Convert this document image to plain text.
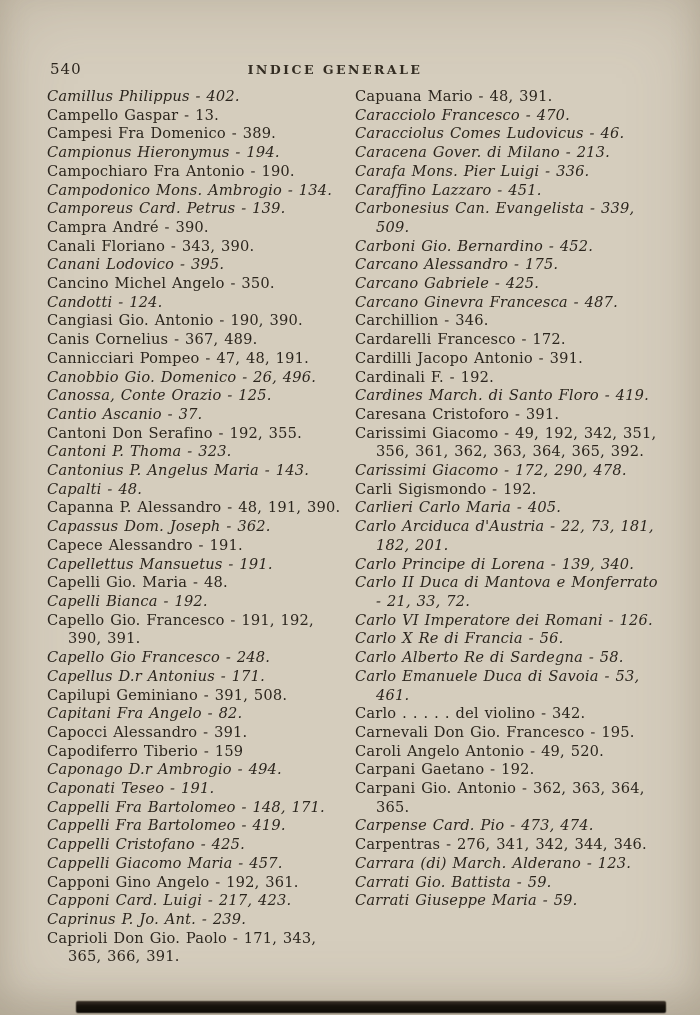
540	INDICE GENERALE
Camillus Philippus - 402.
Campello Gaspar - 13.
Campesi Fra Domenico - 389.
Campionus Hieronymus - 194.
Campochiaro Fra Antonio - 190.
Campodonico Mons. Ambrogio - 134.
Camporeus Card. Petrus - 139.
Campra André - 390.
Canali Floriano - 343, 390.
Canani Lodovico - 395.
Cancino Michel Angelo - 350.
Candotti - 124.
Cangiasi Gio. Antonio - 190, 390.
Canis Cornelius - 367, 489.
Cannicciari Pompeo - 47, 48, 191.
Canobbio Gio. Domenico - 26, 496.
Canossa, Conte Orazio - 125.
Cantio Ascanio - 37.
Cantoni Don Serafino - 192, 355.
Cantoni P. Thoma - 323.
Cantonius P. Angelus Maria - 143.
Capalti - 48.
Capanna P. Alessandro - 48, 191, 390.
Capassus Dom. Joseph - 362.
Capece Alessandro - 191.
Capellettus Mansuetus - 191.
Capelli Gio. Maria - 48.
Capelli Bianca - 192.
Capello Gio. Francesco - 191, 192, 390, 391.
Capello Gio Francesco - 248.
Capellus D.r Antonius - 171.
Capilupi Geminiano - 391, 508.
Capitani Fra Angelo - 82.
Capocci Alessandro - 391.
Capodiferro Tiberio - 159
Caponago D.r Ambrogio - 494.
Caponati Teseo - 191.
Cappelli Fra Bartolomeo - 148, 171.
Cappelli Fra Bartolomeo - 419.
Cappelli Cristofano - 425.
Cappelli Giacomo Maria - 457.
Capponi Gino Angelo - 192, 361.
Capponi Card. Luigi - 217, 423.
Caprinus P. Jo. Ant. - 239.
Caprioli Don Gio. Paolo - 171, 343, 365, 366, 391.
Capuana Mario - 48, 391.
Caracciolo Francesco - 470.
Caracciolus Comes Ludovicus - 46.
Caracena Gover. di Milano - 213.
Carafa Mons. Pier Luigi - 336.
Caraffino Lazzaro - 451.
Carbonesius Can. Evangelista - 339, 509.
Carboni Gio. Bernardino - 452.
Carcano Alessandro - 175.
Carcano Gabriele - 425.
Carcano Ginevra Francesca - 487.
Carchillion - 346.
Cardarelli Francesco - 172.
Cardilli Jacopo Antonio - 391.
Cardinali F. - 192.
Cardines March. di Santo Floro - 419.
Caresana Cristoforo - 391.
Carissimi Giacomo - 49, 192, 342, 351, 356, 361, 362, 363, 364, 365, 392.
Carissimi Giacomo - 172, 290, 478.
Carli Sigismondo - 192.
Carlieri Carlo Maria - 405.
Carlo Arciduca d'Austria - 22, 73, 181, 182, 201.
Carlo Principe di Lorena - 139, 340.
Carlo II Duca di Mantova e Monferrato - 21, 33, 72.
Carlo VI Imperatore dei Romani - 126.
Carlo X Re di Francia - 56.
Carlo Alberto Re di Sardegna - 58.
Carlo Emanuele Duca di Savoia - 53, 461.
Carlo . . . . . del violino - 342.
Carnevali Don Gio. Francesco - 195.
Caroli Angelo Antonio - 49, 520.
Carpani Gaetano - 192.
Carpani Gio. Antonio - 362, 363, 364, 365.
Carpense Card. Pio - 473, 474.
Carpentras - 276, 341, 342, 344, 346.
Carrara (di) March. Alderano - 123.
Carrati Gio. Battista - 59.
Carrati Giuseppe Maria - 59.
